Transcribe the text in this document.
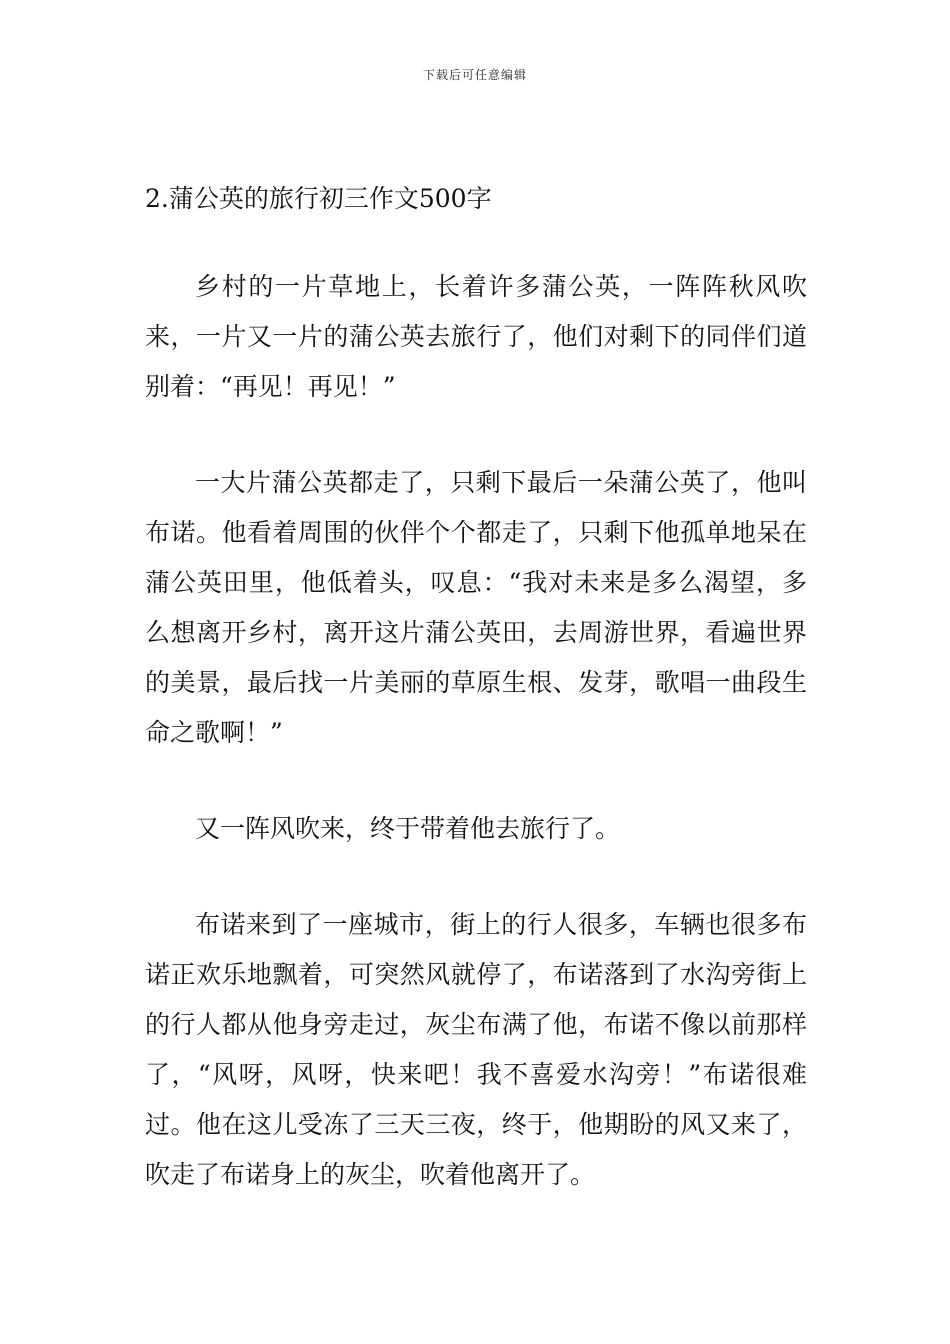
下载后可任意编辑
2.蒲公英的旅行初三作文500字

乡村的一片草地上，长着许多蒲公英，一阵阵秋风吹来，一片又一片的蒲公英去旅行了，他们对剩下的同伴们道别着：“再见！再见！”

一大片蒲公英都走了，只剩下最后一朵蒲公英了，他叫布诺。他看着周围的伙伴个个都走了，只剩下他孤单地呆在蒲公英田里，他低着头，叹息：“我对未来是多么渴望，多么想离开乡村，离开这片蒲公英田，去周游世界，看遍世界的美景，最后找一片美丽的草原生根、发芽，歌唱一曲段生命之歌啊！”

又一阵风吹来，终于带着他去旅行了。

布诺来到了一座城市，街上的行人很多，车辆也很多布诺正欢乐地飘着，可突然风就停了，布诺落到了水沟旁街上的行人都从他身旁走过，灰尘布满了他，布诺不像以前那样了，“风呀，风呀，快来吧！我不喜爱水沟旁！”布诺很难过。他在这儿受冻了三天三夜，终于，他期盼的风又来了，吹走了布诺身上的灰尘，吹着他离开了。
